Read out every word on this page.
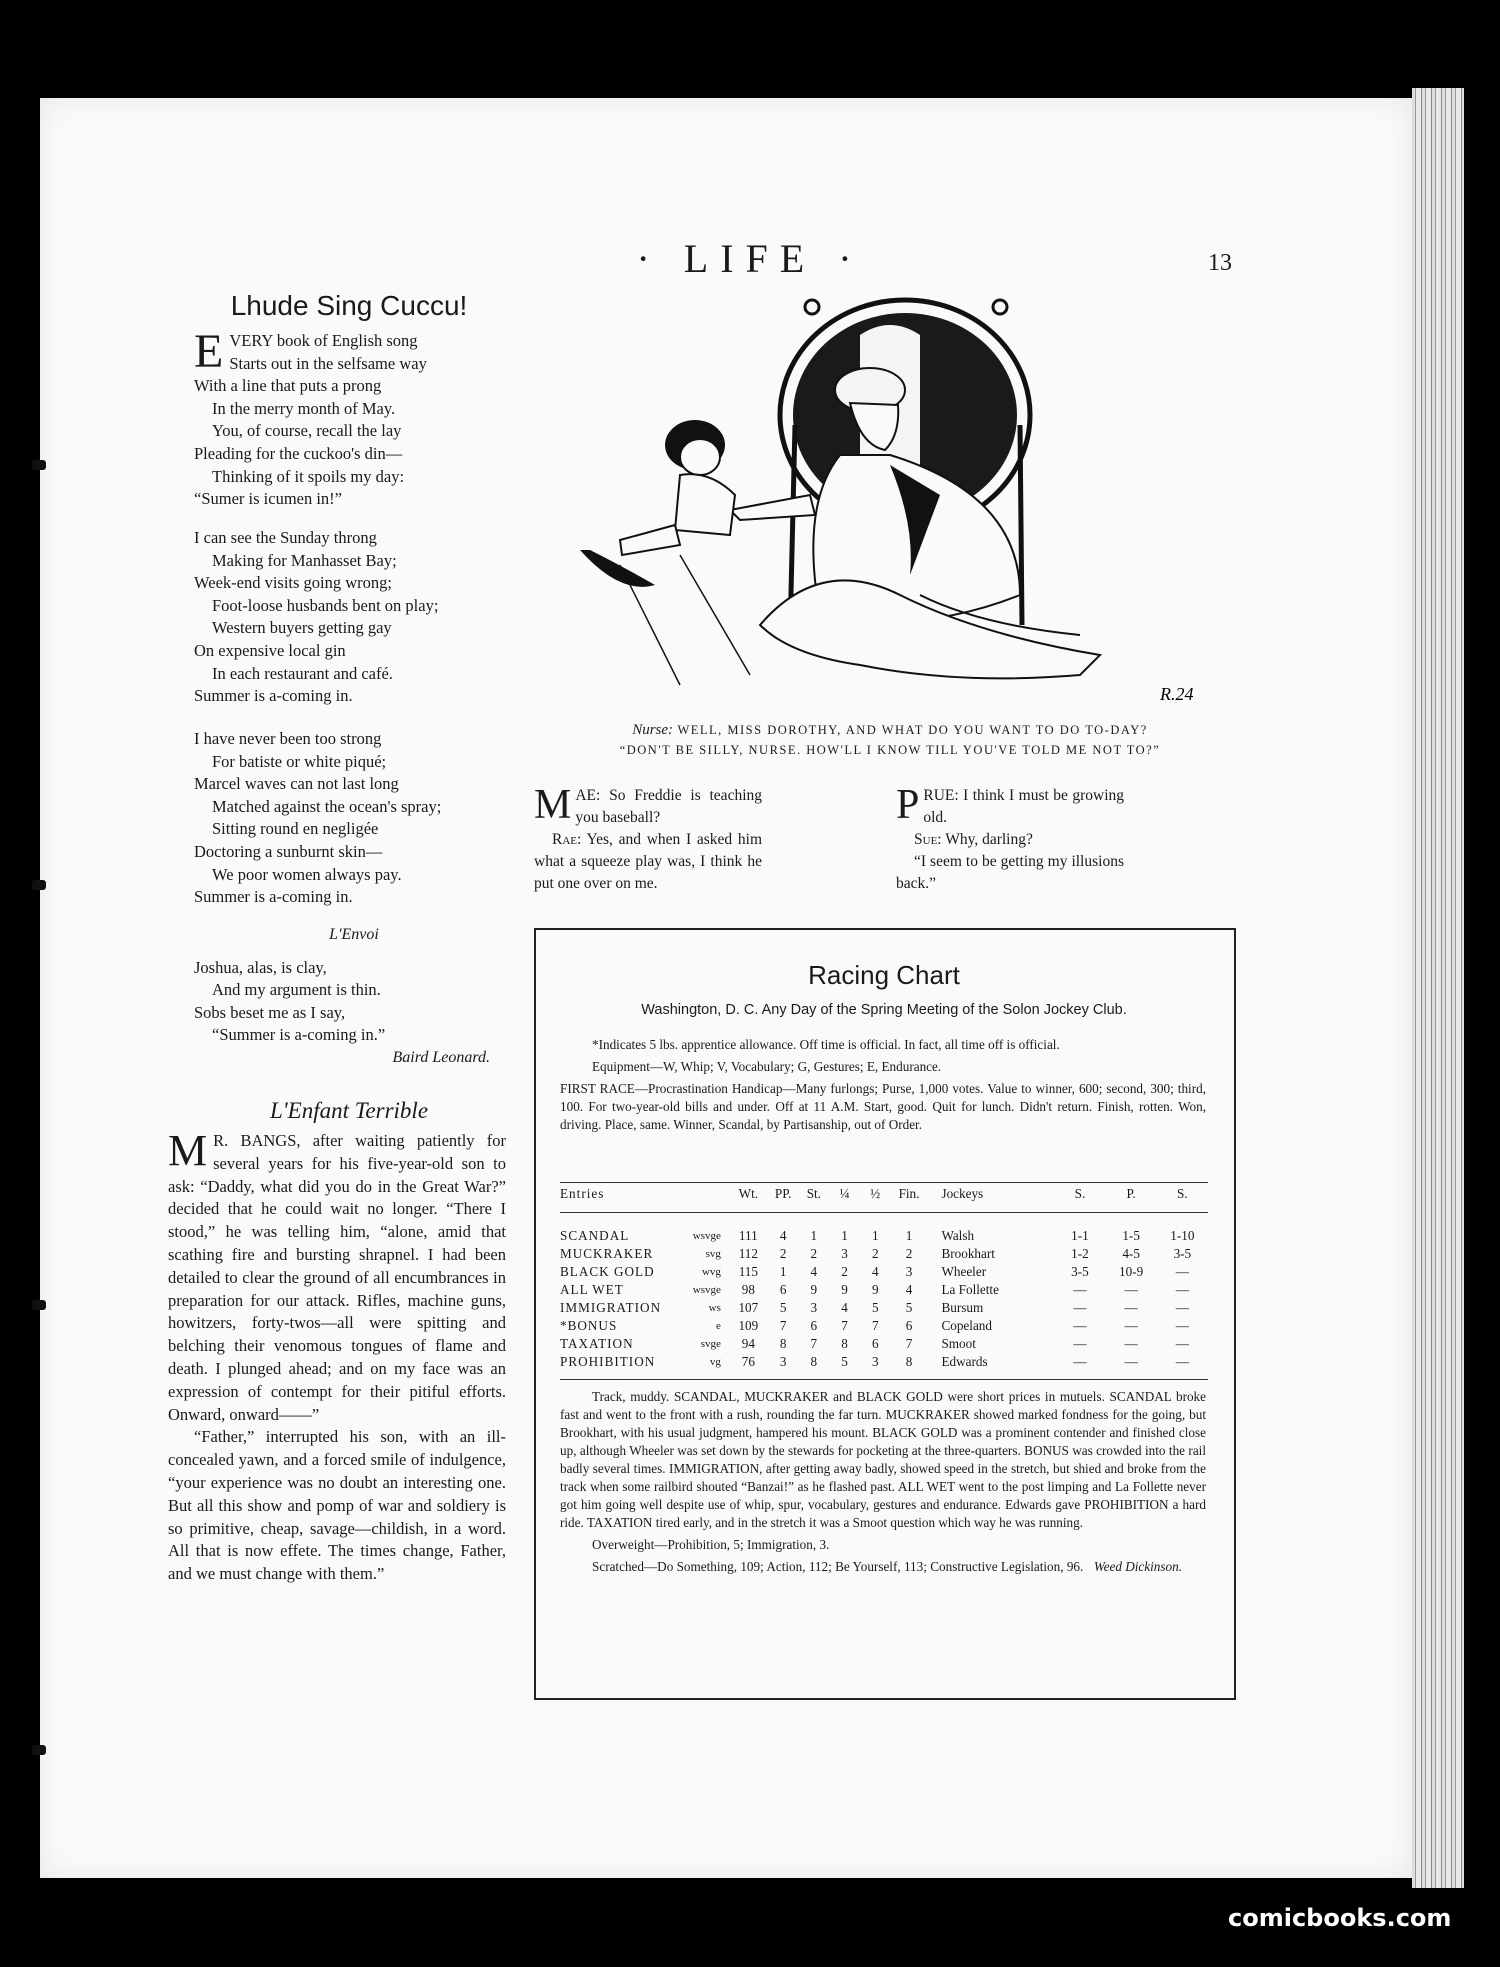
· LIFE ·	13
Lhude Sing Cuccu!
E VERY book of English song
Starts out in the selfsame way
With a line that puts a prong
In the merry month of May.
You, of course, recall the lay
Pleading for the cuckoo's din—
Thinking of it spoils my day:
“Sumer is icumen in!”
I can see the Sunday throng
Making for Manhasset Bay;
Week-end visits going wrong;
Foot-loose husbands bent on play;
Western buyers getting gay
On expensive local gin
In each restaurant and café.
Summer is a-coming in.
I have never been too strong
For batiste or white piqué;
Marcel waves can not last long
Matched against the ocean's spray;
Sitting round en negligée
Doctoring a sunburnt skin—
We poor women always pay.
Summer is a-coming in.
L'Envoi
Joshua, alas, is clay,
And my argument is thin.
Sobs beset me as I say,
“Summer is a-coming in.”
Baird Leonard.
L'Enfant Terrible

M R. BANGS, after waiting patiently for several years for his five-year-old son to ask: “Daddy, what did you do in the Great War?” decided that he could wait no longer. “There I stood,” he was telling him, “alone, amid that scathing fire and bursting shrapnel. I had been detailed to clear the ground of all encumbrances in preparation for our attack. Rifles, machine guns, howitzers, forty-twos—all were spitting and belching their venomous tongues of flame and death. I plunged ahead; and on my face was an expression of contempt for their pitiful efforts. Onward, onward——”

“Father,” interrupted his son, with an ill-concealed yawn, and a forced smile of indulgence, “your experience was no doubt an interesting one. But all this show and pomp of war and soldiery is so primitive, cheap, savage—childish, in a word. All that is now effete. The times change, Father, and we must change with them.”

R.24
Nurse: WELL, MISS DOROTHY, AND WHAT DO YOU WANT TO DO TO-DAY?
“DON'T BE SILLY, NURSE. HOW'LL I KNOW TILL YOU'VE TOLD ME NOT TO?”

MAE: So Freddie is teaching you baseball?

Rae: Yes, and when I asked him what a squeeze play was, I think he put one over on me.

PRUE: I think I must be growing old.

Sue: Why, darling?

“I seem to be getting my illusions back.”

Racing Chart
Washington, D. C. Any Day of the Spring Meeting of the Solon Jockey Club.

*Indicates 5 lbs. apprentice allowance. Off time is official. In fact, all time off is official.

Equipment—W, Whip; V, Vocabulary; G, Gestures; E, Endurance.

FIRST RACE—Procrastination Handicap—Many furlongs; Purse, 1,000 votes. Value to winner, 600; second, 300; third, 100. For two-year-old bills and under. Off at 11 A.M. Start, good. Quit for lunch. Didn't return. Finish, rotten. Won, driving. Place, same. Winner, Scandal, by Partisanship, out of Order.

Entries		Wt.	PP.	St.	¼	½	Fin.	Jockeys	S.	P.	S.
SCANDAL	wsvge	111	4	1	1	1	1	Walsh	1-1	1-5	1-10
MUCKRAKER	svg	112	2	2	3	2	2	Brookhart	1-2	4-5	3-5
BLACK GOLD	wvg	115	1	4	2	4	3	Wheeler	3-5	10-9	—
ALL WET	wsvge	98	6	9	9	9	4	La Follette	—	—	—
IMMIGRATION	ws	107	5	3	4	5	5	Bursum	—	—	—
*BONUS	e	109	7	6	7	7	6	Copeland	—	—	—
TAXATION	svge	94	8	7	8	6	7	Smoot	—	—	—
PROHIBITION	vg	76	3	8	5	3	8	Edwards	—	—	—

Track, muddy. SCANDAL, MUCKRAKER and BLACK GOLD were short prices in mutuels. SCANDAL broke fast and went to the front with a rush, rounding the far turn. MUCKRAKER showed marked fondness for the going, but Brookhart, with his usual judgment, hampered his mount. BLACK GOLD was a prominent contender and finished close up, although Wheeler was set down by the stewards for pocketing at the three-quarters. BONUS was crowded into the rail badly several times. IMMIGRATION, after getting away badly, showed speed in the stretch, but shied and broke from the track when some railbird shouted “Banzai!” as he flashed past. ALL WET went to the post limping and La Follette never got him going well despite use of whip, spur, vocabulary, gestures and endurance. Edwards gave PROHIBITION a hard ride. TAXATION tired early, and in the stretch it was a Smoot question which way he was running.

Overweight—Prohibition, 5; Immigration, 3.

Scratched—Do Something, 109; Action, 112; Be Yourself, 113; Constructive Legislation, 96. Weed Dickinson.

comicbooks.com
